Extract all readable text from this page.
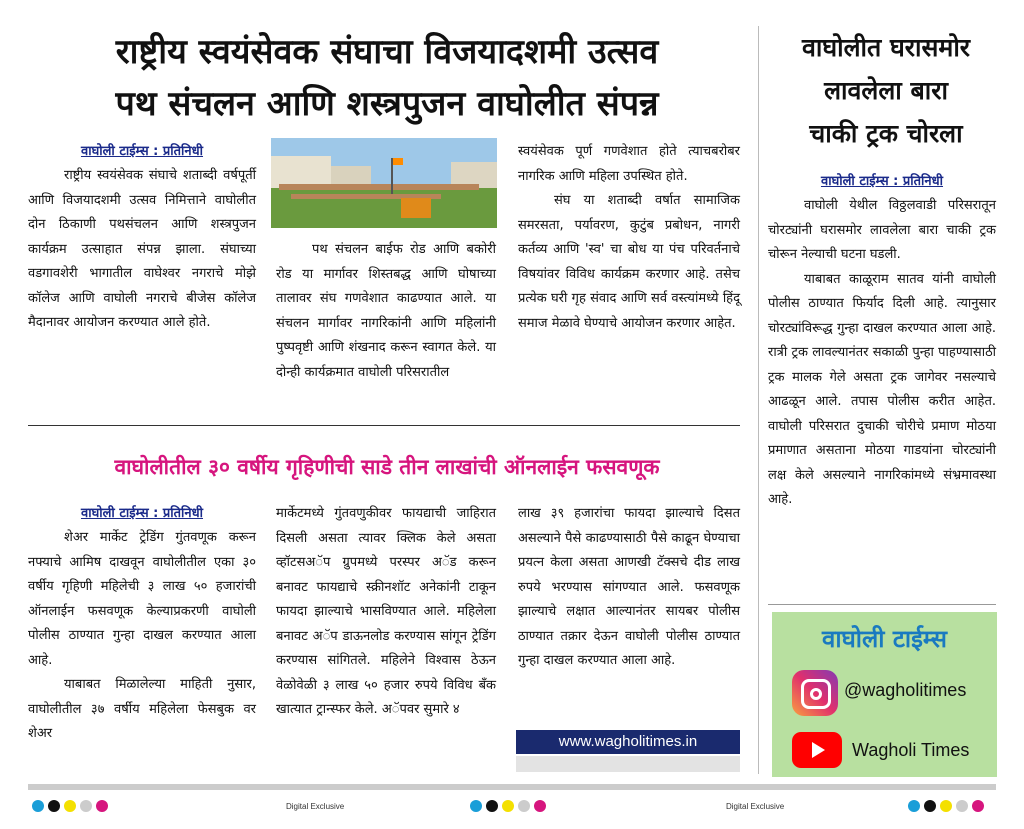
राष्ट्रीय स्वयंसेवक संघाचा विजयादशमी उत्सव
पथ संचलन आणि शस्त्रपुजन वाघोलीत संपन्न
वाघोली टाईम्स : प्रतिनिधी

राष्ट्रीय स्वयंसेवक संघाचे शताब्दी वर्षपूर्ती आणि विजयादशमी उत्सव निमित्ताने वाघोलीत दोन ठिकाणी पथसंचलन आणि शस्त्रपुजन कार्यक्रम उत्साहात संपन्न झाला. संघाच्या वडगावशेरी भागातील वाघेश्वर नगराचे मोझे कॉलेज आणि वाघोली नगराचे बीजेस कॉलेज मैदानावर आयोजन करण्यात आले होते.

पथ संचलन बाईफ रोड आणि बकोरी रोड या मार्गावर शिस्तबद्ध आणि घोषाच्या तालावर संघ गणवेशात काढण्यात आले. या संचलन मार्गावर नागरिकांनी आणि महिलांनी पुष्पवृष्टी आणि शंखनाद करून स्वागत केले. या दोन्ही कार्यक्रमात वाघोली परिसरातील

स्वयंसेवक पूर्ण गणवेशात होते त्याचबरोबर नागरिक आणि महिला उपस्थित होते.

संघ या शताब्दी वर्षात सामाजिक समरसता, पर्यावरण, कुटुंब प्रबोधन, नागरी कर्तव्य आणि 'स्व' चा बोध या पंच परिवर्तनाचे विषयांवर विविध कार्यक्रम करणार आहे. तसेच प्रत्येक घरी गृह संवाद आणि सर्व वस्त्यांमध्ये हिंदू समाज मेळावे घेण्याचे आयोजन करणार आहेत.

वाघोलीतील ३० वर्षीय गृहिणीची साडे तीन लाखांची ऑनलाईन फसवणूक
वाघोली टाईम्स : प्रतिनिधी

शेअर मार्केट ट्रेडिंग गुंतवणूक करून नफ्याचे आमिष दाखवून वाघोलीतील एका ३० वर्षीय गृहिणी महिलेची ३ लाख ५० हजारांची ऑनलाईन फसवणूक केल्याप्रकरणी वाघोली पोलीस ठाण्यात गुन्हा दाखल करण्यात आला आहे.

याबाबत मिळालेल्या माहिती नुसार, वाघोलीतील ३७ वर्षीय महिलेला फेसबुक वर शेअर

मार्केटमध्ये गुंतवणुकीवर फायद्याची जाहिरात दिसली असता त्यावर क्लिक केले असता व्हॉटसअॅप ग्रुपमध्ये परस्पर अॅड करून बनावट फायद्याचे स्क्रीनशॉट अनेकांनी टाकून फायदा झाल्याचे भासविण्यात आले. महिलेला बनावट अॅप डाऊनलोड करण्यास सांगून ट्रेडिंग करण्यास सांगितले. महिलेने विश्वास ठेऊन वेळोवेळी ३ लाख ५० हजार रुपये विविध बँक खात्यात ट्रान्स्फर केले. अॅपवर सुमारे ४

लाख ३९ हजारांचा फायदा झाल्याचे दिसत असल्याने पैसे काढण्यासाठी पैसे काढून घेण्याचा प्रयत्न केला असता आणखी टॅक्सचे दीड लाख रुपये भरण्यास सांगण्यात आले. फसवणूक झाल्याचे लक्षात आल्यानंतर सायबर पोलीस ठाण्यात तक्रार देऊन वाघोली पोलीस ठाण्यात गुन्हा दाखल करण्यात आला आहे.

www.wagholitimes.in
वाघोलीत घरासमोर
लावलेला बारा
चाकी ट्रक चोरला
वाघोली टाईम्स : प्रतिनिधी

वाघोली येथील विठ्ठलवाडी परिसरातून चोरट्यांनी घरासमोर लावलेला बारा चाकी ट्रक चोरून नेल्याची घटना घडली.

याबाबत काळूराम सातव यांनी वाघोली पोलीस ठाण्यात फिर्याद दिली आहे. त्यानुसार चोरट्यांविरूद्ध गुन्हा दाखल करण्यात आला आहे. रात्री ट्रक लावल्यानंतर सकाळी पुन्हा पाहण्यासाठी ट्रक मालक गेले असता ट्रक जागेवर नसल्याचे आढळून आले. तपास पोलीस करीत आहेत. वाघोली परिसरात दुचाकी चोरीचे प्रमाण मोठया प्रमाणात असताना मोठया गाडयांना चोरट्यांनी लक्ष केले असल्याने नागरिकांमध्ये संभ्रमावस्था आहे.

वाघोली टाईम्स
@wagholitimes
Wagholi Times
Digital Exclusive	Digital Exclusive
